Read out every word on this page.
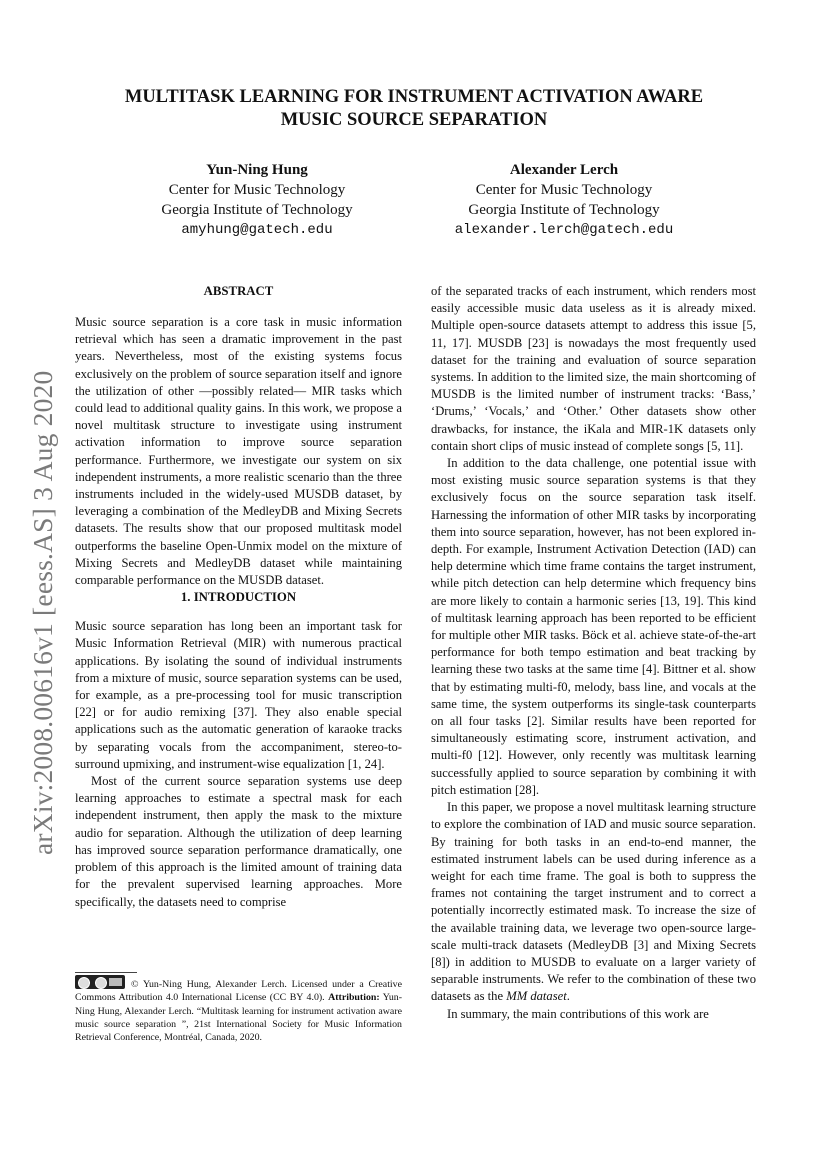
MULTITASK LEARNING FOR INSTRUMENT ACTIVATION AWARE
MUSIC SOURCE SEPARATION
Yun-Ning Hung
Center for Music Technology
Georgia Institute of Technology
amyhung@gatech.edu
Alexander Lerch
Center for Music Technology
Georgia Institute of Technology
alexander.lerch@gatech.edu
arXiv:2008.00616v1 [eess.AS] 3 Aug 2020
ABSTRACT

Music source separation is a core task in music information retrieval which has seen a dramatic improvement in the past years. Nevertheless, most of the existing systems focus exclusively on the problem of source separation itself and ignore the utilization of other —possibly related— MIR tasks which could lead to additional quality gains. In this work, we propose a novel multitask structure to investigate using instrument activation information to improve source separation performance. Furthermore, we investigate our system on six independent instruments, a more realistic scenario than the three instruments included in the widely-used MUSDB dataset, by leveraging a combination of the MedleyDB and Mixing Secrets datasets. The results show that our proposed multitask model outperforms the baseline Open-Unmix model on the mixture of Mixing Secrets and MedleyDB dataset while maintaining comparable performance on the MUSDB dataset.

1. INTRODUCTION

Music source separation has long been an important task for Music Information Retrieval (MIR) with numerous practical applications. By isolating the sound of individual instruments from a mixture of music, source separation systems can be used, for example, as a pre-processing tool for music transcription [22] or for audio remixing [37]. They also enable special applications such as the automatic generation of karaoke tracks by separating vocals from the accompaniment, stereo-to-surround upmixing, and instrument-wise equalization [1, 24].

Most of the current source separation systems use deep learning approaches to estimate a spectral mask for each independent instrument, then apply the mask to the mixture audio for separation. Although the utilization of deep learning has improved source separation performance dramatically, one problem of this approach is the limited amount of training data for the prevalent supervised learning approaches. More specifically, the datasets need to comprise

© Yun-Ning Hung, Alexander Lerch. Licensed under a Creative Commons Attribution 4.0 International License (CC BY 4.0). Attribution: Yun-Ning Hung, Alexander Lerch. “Multitask learning for instrument activation aware music source separation ”, 21st International Society for Music Information Retrieval Conference, Montréal, Canada, 2020.

of the separated tracks of each instrument, which renders most easily accessible music data useless as it is already mixed. Multiple open-source datasets attempt to address this issue [5, 11, 17]. MUSDB [23] is nowadays the most frequently used dataset for the training and evaluation of source separation systems. In addition to the limited size, the main shortcoming of MUSDB is the limited number of instrument tracks: ‘Bass,’ ‘Drums,’ ‘Vocals,’ and ‘Other.’ Other datasets show other drawbacks, for instance, the iKala and MIR-1K datasets only contain short clips of music instead of complete songs [5, 11].

In addition to the data challenge, one potential issue with most existing music source separation systems is that they exclusively focus on the source separation task itself. Harnessing the information of other MIR tasks by incorporating them into source separation, however, has not been explored in-depth. For example, Instrument Activation Detection (IAD) can help determine which time frame contains the target instrument, while pitch detection can help determine which frequency bins are more likely to contain a harmonic series [13, 19]. This kind of multitask learning approach has been reported to be efficient for multiple other MIR tasks. Böck et al. achieve state-of-the-art performance for both tempo estimation and beat tracking by learning these two tasks at the same time [4]. Bittner et al. show that by estimating multi-f0, melody, bass line, and vocals at the same time, the system outperforms its single-task counterparts on all four tasks [2]. Similar results have been reported for simultaneously estimating score, instrument activation, and multi-f0 [12]. However, only recently was multitask learning successfully applied to source separation by combining it with pitch estimation [28].

In this paper, we propose a novel multitask learning structure to explore the combination of IAD and music source separation. By training for both tasks in an end-to-end manner, the estimated instrument labels can be used during inference as a weight for each time frame. The goal is both to suppress the frames not containing the target instrument and to correct a potentially incorrectly estimated mask. To increase the size of the available training data, we leverage two open-source large-scale multi-track datasets (MedleyDB [3] and Mixing Secrets [8]) in addition to MUSDB to evaluate on a larger variety of separable instruments. We refer to the combination of these two datasets as the MM dataset.

In summary, the main contributions of this work are
